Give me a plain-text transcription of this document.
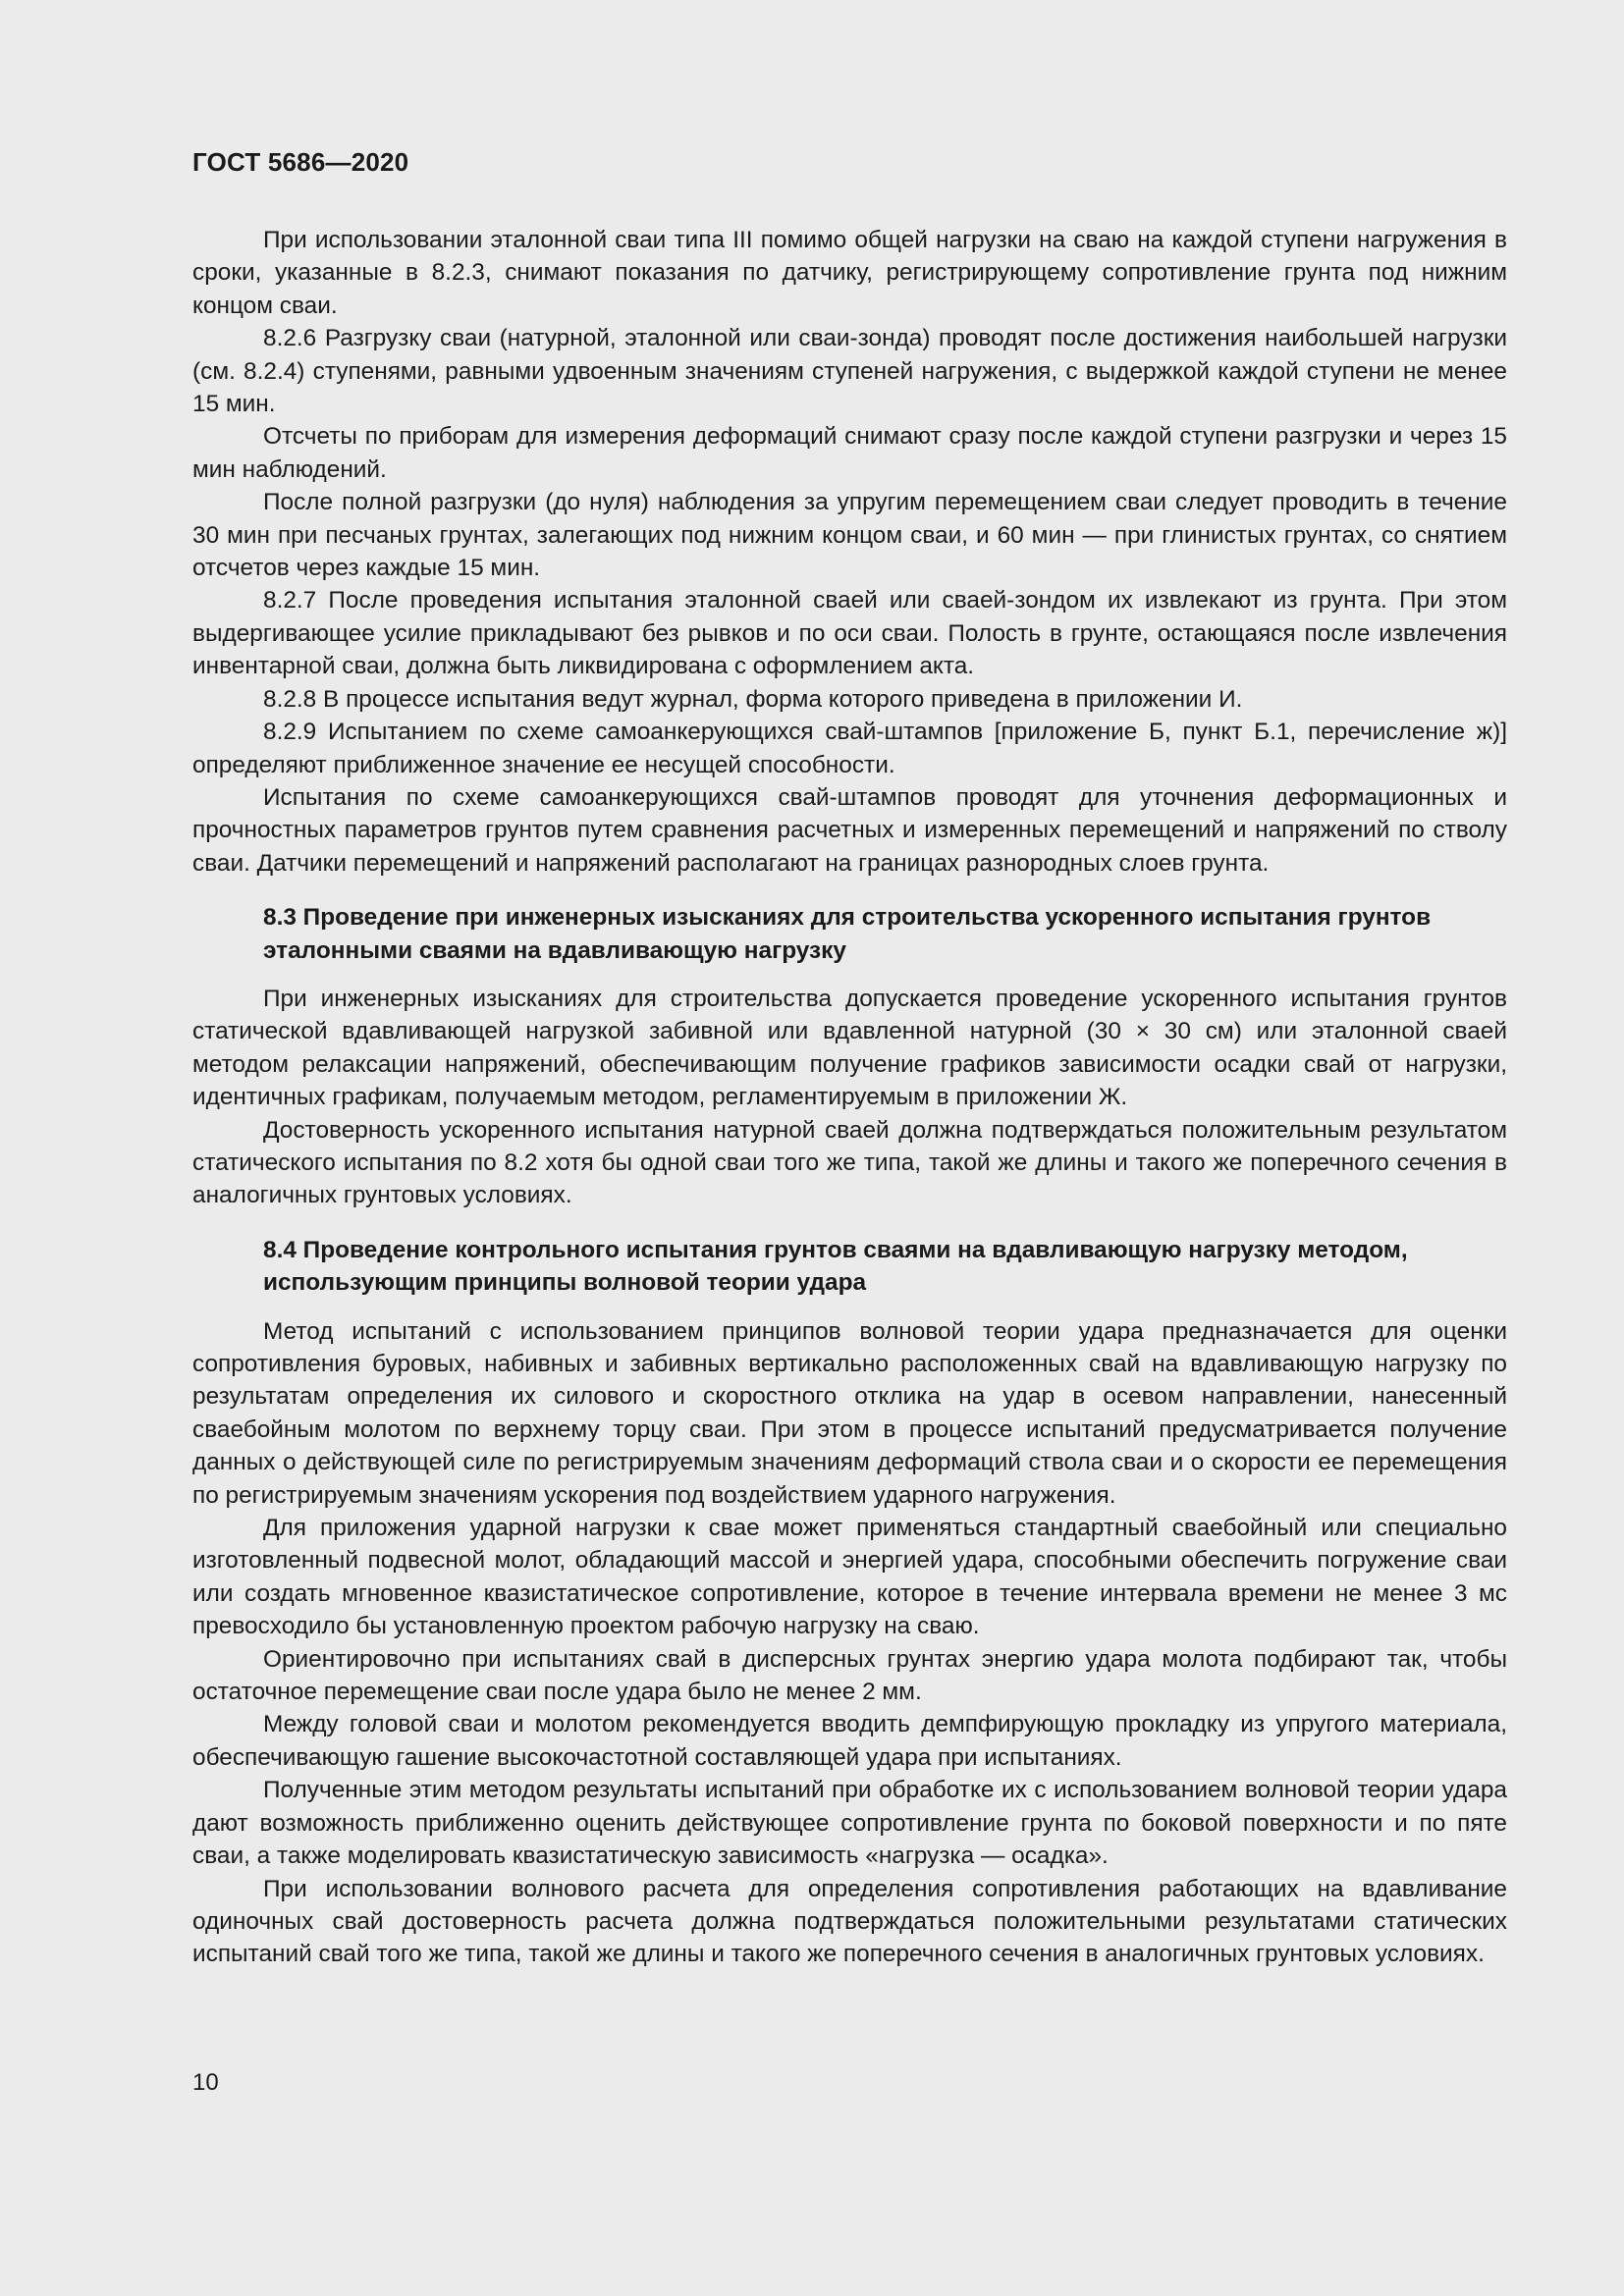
ГОСТ 5686—2020

При использовании эталонной сваи типа III помимо общей нагрузки на сваю на каждой ступени нагружения в сроки, указанные в 8.2.3, снимают показания по датчику, регистрирующему сопротивление грунта под нижним концом сваи.

8.2.6 Разгрузку сваи (натурной, эталонной или сваи-зонда) проводят после достижения наибольшей нагрузки (см. 8.2.4) ступенями, равными удвоенным значениям ступеней нагружения, с выдержкой каждой ступени не менее 15 мин.

Отсчеты по приборам для измерения деформаций снимают сразу после каждой ступени разгрузки и через 15 мин наблюдений.

После полной разгрузки (до нуля) наблюдения за упругим перемещением сваи следует проводить в течение 30 мин при песчаных грунтах, залегающих под нижним концом сваи, и 60 мин — при глинистых грунтах, со снятием отсчетов через каждые 15 мин.

8.2.7 После проведения испытания эталонной сваей или сваей-зондом их извлекают из грунта. При этом выдергивающее усилие прикладывают без рывков и по оси сваи. Полость в грунте, остающаяся после извлечения инвентарной сваи, должна быть ликвидирована с оформлением акта.

8.2.8 В процессе испытания ведут журнал, форма которого приведена в приложении И.

8.2.9 Испытанием по схеме самоанкерующихся свай-штампов [приложение Б, пункт Б.1, перечисление ж)] определяют приближенное значение ее несущей способности.

Испытания по схеме самоанкерующихся свай-штампов проводят для уточнения деформационных и прочностных параметров грунтов путем сравнения расчетных и измеренных перемещений и напряжений по стволу сваи. Датчики перемещений и напряжений располагают на границах разнородных слоев грунта.

8.3 Проведение при инженерных изысканиях для строительства ускоренного испытания грунтов эталонными сваями на вдавливающую нагрузку

При инженерных изысканиях для строительства допускается проведение ускоренного испытания грунтов статической вдавливающей нагрузкой забивной или вдавленной натурной (30 × 30 см) или эталонной сваей методом релаксации напряжений, обеспечивающим получение графиков зависимости осадки свай от нагрузки, идентичных графикам, получаемым методом, регламентируемым в приложении Ж.

Достоверность ускоренного испытания натурной сваей должна подтверждаться положительным результатом статического испытания по 8.2 хотя бы одной сваи того же типа, такой же длины и такого же поперечного сечения в аналогичных грунтовых условиях.

8.4 Проведение контрольного испытания грунтов сваями на вдавливающую нагрузку методом, использующим принципы волновой теории удара

Метод испытаний с использованием принципов волновой теории удара предназначается для оценки сопротивления буровых, набивных и забивных вертикально расположенных свай на вдавливающую нагрузку по результатам определения их силового и скоростного отклика на удар в осевом направлении, нанесенный сваебойным молотом по верхнему торцу сваи. При этом в процессе испытаний предусматривается получение данных о действующей силе по регистрируемым значениям деформаций ствола сваи и о скорости ее перемещения по регистрируемым значениям ускорения под воздействием ударного нагружения.

Для приложения ударной нагрузки к свае может применяться стандартный сваебойный или специально изготовленный подвесной молот, обладающий массой и энергией удара, способными обеспечить погружение сваи или создать мгновенное квазистатическое сопротивление, которое в течение интервала времени не менее 3 мс превосходило бы установленную проектом рабочую нагрузку на сваю.

Ориентировочно при испытаниях свай в дисперсных грунтах энергию удара молота подбирают так, чтобы остаточное перемещение сваи после удара было не менее 2 мм.

Между головой сваи и молотом рекомендуется вводить демпфирующую прокладку из упругого материала, обеспечивающую гашение высокочастотной составляющей удара при испытаниях.

Полученные этим методом результаты испытаний при обработке их с использованием волновой теории удара дают возможность приближенно оценить действующее сопротивление грунта по боковой поверхности и по пяте сваи, а также моделировать квазистатическую зависимость «нагрузка — осадка».

При использовании волнового расчета для определения сопротивления работающих на вдавливание одиночных свай достоверность расчета должна подтверждаться положительными результатами статических испытаний свай того же типа, такой же длины и такого же поперечного сечения в аналогичных грунтовых условиях.

10
